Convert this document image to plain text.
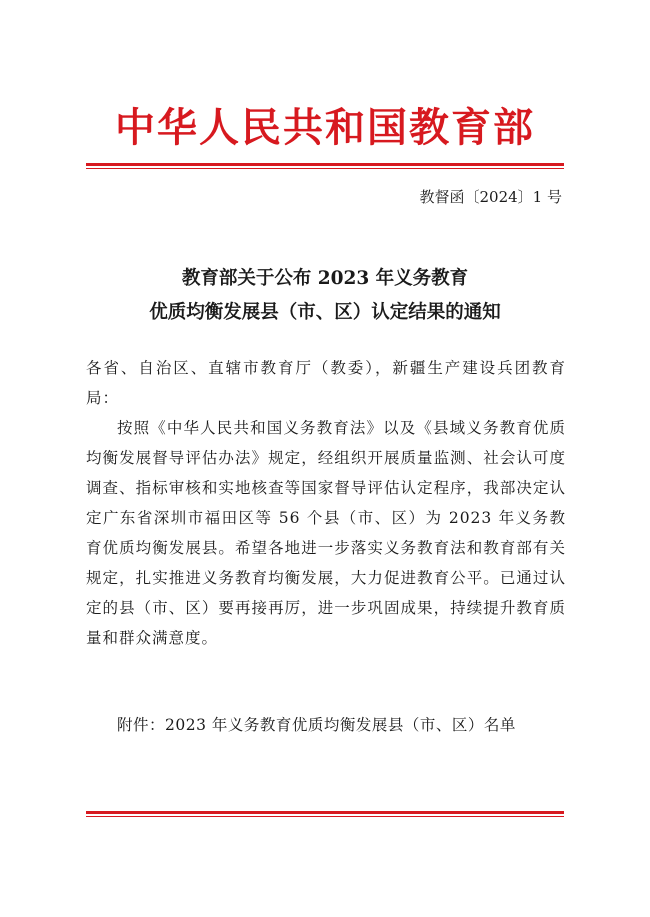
中华人民共和国教育部
教督函〔2024〕1 号
教育部关于公布 2023 年义务教育
优质均衡发展县（市、区）认定结果的通知

各省、自治区、直辖市教育厅（教委），新疆生产建设兵团教育局：

按照《中华人民共和国义务教育法》以及《县域义务教育优质均衡发展督导评估办法》规定，经组织开展质量监测、社会认可度调查、指标审核和实地核查等国家督导评估认定程序，我部决定认定广东省深圳市福田区等 56 个县（市、区）为 2023 年义务教育优质均衡发展县。希望各地进一步落实义务教育法和教育部有关规定，扎实推进义务教育均衡发展，大力促进教育公平。已通过认定的县（市、区）要再接再厉，进一步巩固成果，持续提升教育质量和群众满意度。

附件：2023 年义务教育优质均衡发展县（市、区）名单
